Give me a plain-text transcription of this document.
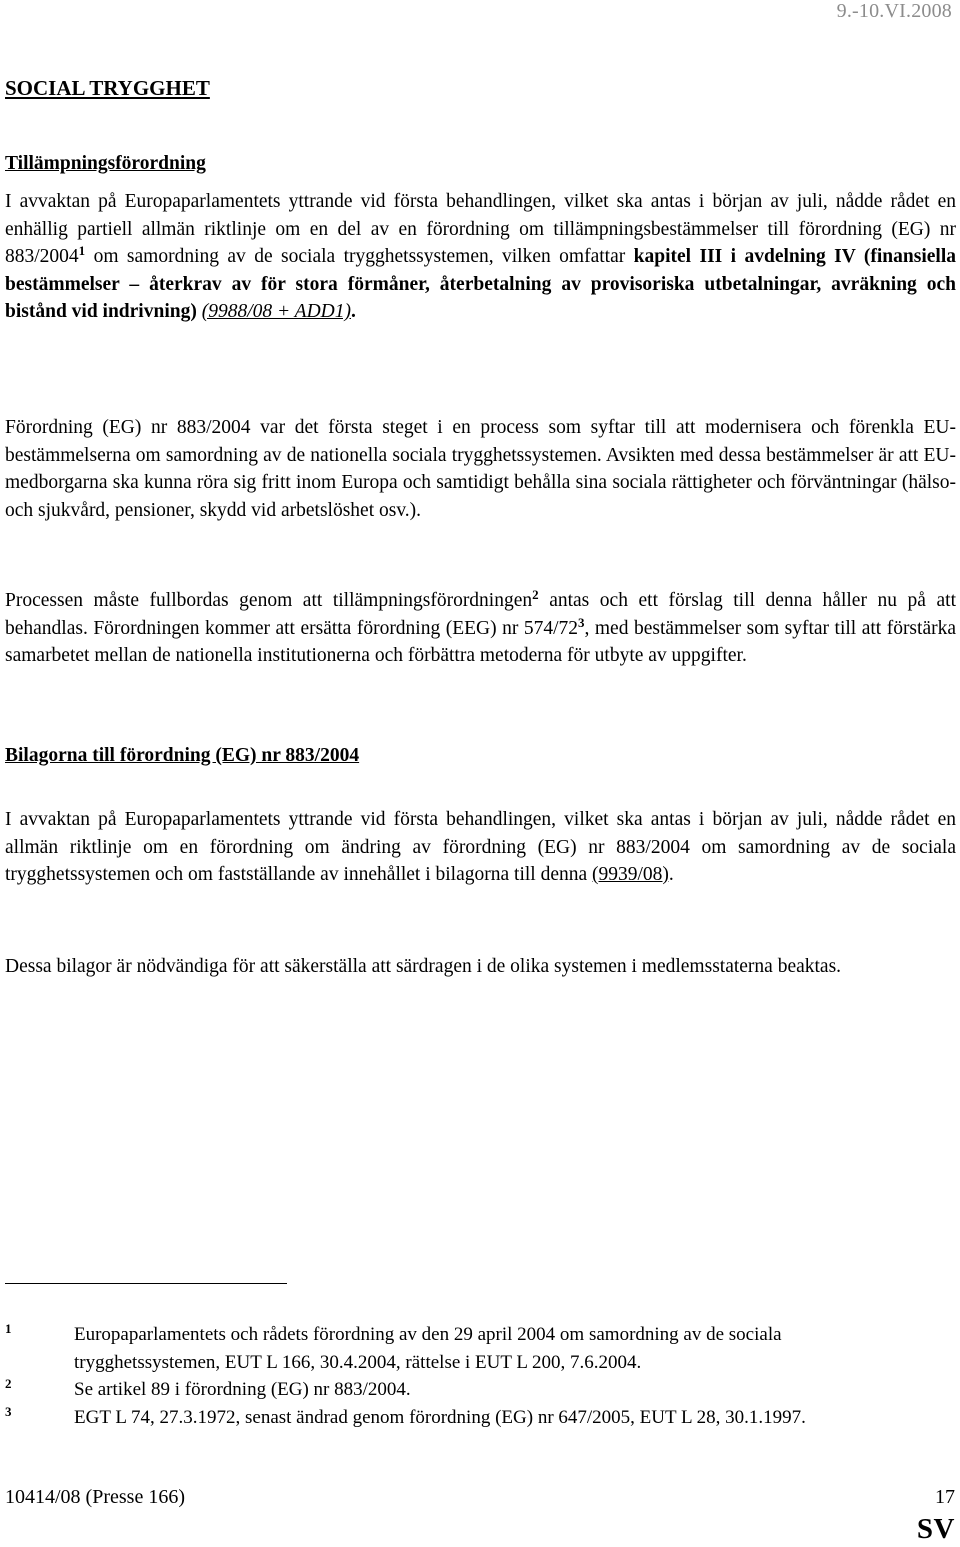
9.-10.VI.2008
SOCIAL TRYGGHET
Tillämpningsförordning
I avvaktan på Europaparlamentets yttrande vid första behandlingen, vilket ska antas i början av juli, nådde rådet en enhällig partiell allmän riktlinje om en del av en förordning om tillämpningsbestämmelser till förordning (EG) nr 883/2004$^1$ om samordning av de sociala trygghetssystemen, vilken omfattar kapitel III i avdelning IV (finansiella bestämmelser – återkrav av för stora förmåner, återbetalning av provisoriska utbetalningar, avräkning och bistånd vid indrivning) (9988/08 + ADD1).
Förordning (EG) nr 883/2004 var det första steget i en process som syftar till att modernisera och förenkla EU-bestämmelserna om samordning av de nationella sociala trygghetssystemen. Avsikten med dessa bestämmelser är att EU-medborgarna ska kunna röra sig fritt inom Europa och samtidigt behålla sina sociala rättigheter och förväntningar (hälso- och sjukvård, pensioner, skydd vid arbetslöshet osv.).
Processen måste fullbordas genom att tillämpningsförordningen$^2$ antas och ett förslag till denna håller nu på att behandlas. Förordningen kommer att ersätta förordning (EEG) nr $574/72^3$, med bestämmelser som syftar till att förstärka samarbetet mellan de nationella institutionerna och förbättra metoderna för utbyte av uppgifter.
Bilagorna till förordning (EG) nr 883/2004
I avvaktan på Europaparlamentets yttrande vid första behandlingen, vilket ska antas i början av juli, nådde rådet en allmän riktlinje om en förordning om ändring av förordning (EG) nr 883/2004 om samordning av de sociala trygghetssystemen och om fastställande av innehållet i bilagorna till denna (9939/08).
Dessa bilagor är nödvändiga för att säkerställa att särdragen i de olika systemen i medlemsstaterna beaktas.
1	Europaparlamentets och rådets förordning av den 29 april 2004 om samordning av de sociala trygghetssystemen, EUT L 166, 30.4.2004, rättelse i EUT L 200, 7.6.2004.
2	Se artikel 89 i förordning (EG) nr 883/2004.
3	EGT L 74, 27.3.1972, senast ändrad genom förordning (EG) nr 647/2005, EUT L 28, 30.1.1997.
10414/08 (Presse 166)	17
SV
